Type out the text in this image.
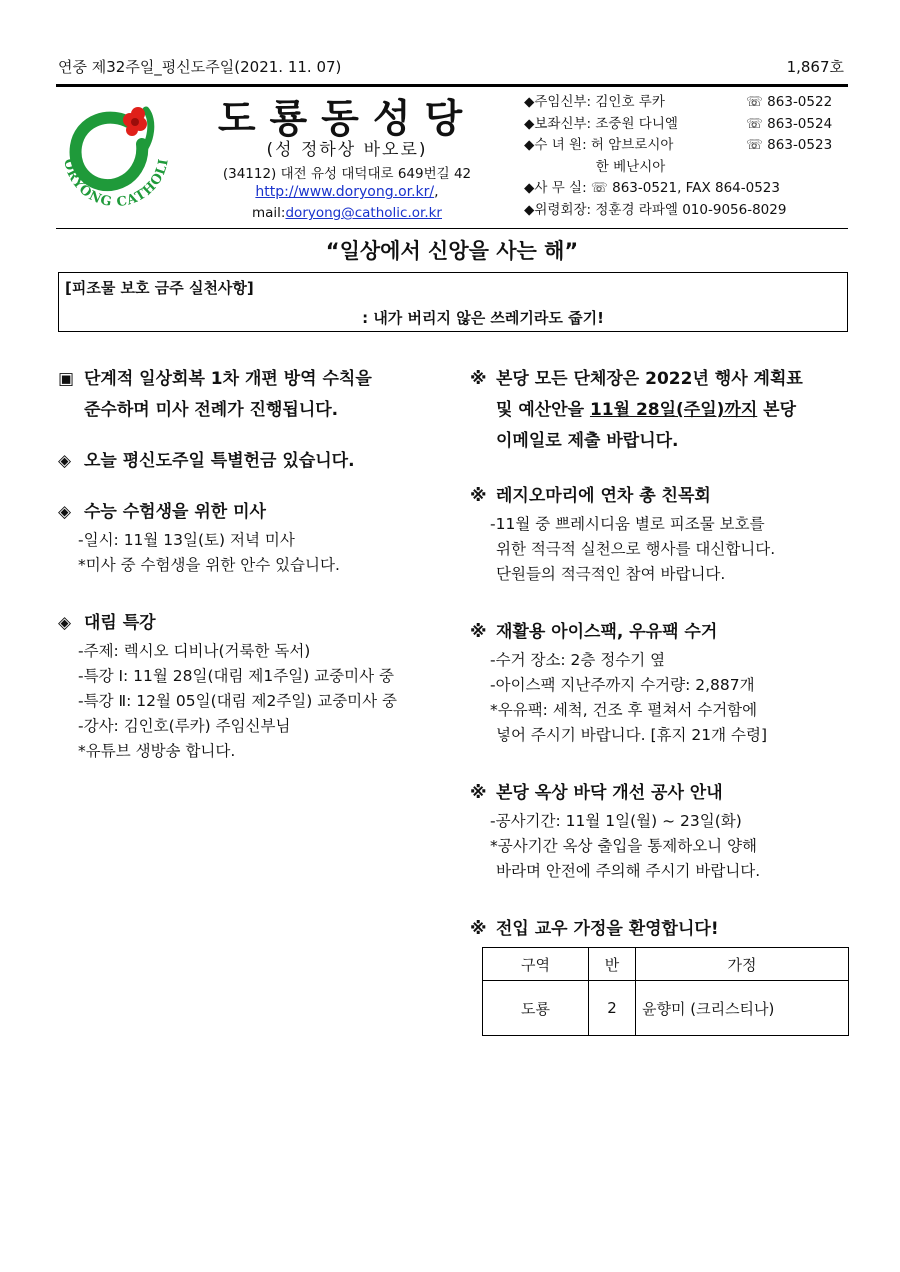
연중 제32주일_평신도주일(2021. 11. 07)	1,867호
ORYONG CATHOLI
도룡동성당
(성 정하상 바오로)
(34112) 대전 유성 대덕대로 649번길 42
http://www.doryong.or.kr/,
mail:doryong@catholic.or.kr
◆주임신부: 김인호 루카	☏ 863-0522
◆보좌신부: 조중원 다니엘	☏ 863-0524
◆수 녀 원: 허 암브로시아	☏ 863-0523
　　　　　 한 베난시아
◆사 무 실: ☏ 863-0521, FAX 864-0523
◆위령회장: 정훈경 라파엘 010-9056-8029
“일상에서 신앙을 사는 해”
[피조물 보호 금주 실천사항]
: 내가 버리지 않은 쓰레기라도 줍기!
▣ 단계적 일상회복 1차 개편 방역 수칙을
준수하며 미사 전례가 진행됩니다.
◈ 오늘 평신도주일 특별헌금 있습니다.
◈ 수능 수험생을 위한 미사
-일시: 11월 13일(토) 저녁 미사
*미사 중 수험생을 위한 안수 있습니다.
◈ 대림 특강
-주제: 렉시오 디비나(거룩한 독서)
-특강 Ⅰ: 11월 28일(대림 제1주일) 교중미사 중
-특강 Ⅱ: 12월 05일(대림 제2주일) 교중미사 중
-강사: 김인호(루카) 주임신부님
*유튜브 생방송 합니다.
※ 본당 모든 단체장은 2022년 행사 계획표
및 예산안을 11월 28일(주일)까지 본당
이메일로 제출 바랍니다.
※ 레지오마리에 연차 총 친목회
-11월 중 쁘레시디움 별로 피조물 보호를
위한 적극적 실천으로 행사를 대신합니다.
단원들의 적극적인 참여 바랍니다.
※ 재활용 아이스팩, 우유팩 수거
-수거 장소: 2층 정수기 옆
-아이스팩 지난주까지 수거량: 2,887개
*우유팩: 세척, 건조 후 펼쳐서 수거함에
넣어 주시기 바랍니다. [휴지 21개 수령]
※ 본당 옥상 바닥 개선 공사 안내
-공사기간: 11월 1일(월) ~ 23일(화)
*공사기간 옥상 출입을 통제하오니 양해
바라며 안전에 주의해 주시기 바랍니다.
※ 전입 교우 가정을 환영합니다!
구역	반	가정
도룡	2	윤향미 (크리스티나)
